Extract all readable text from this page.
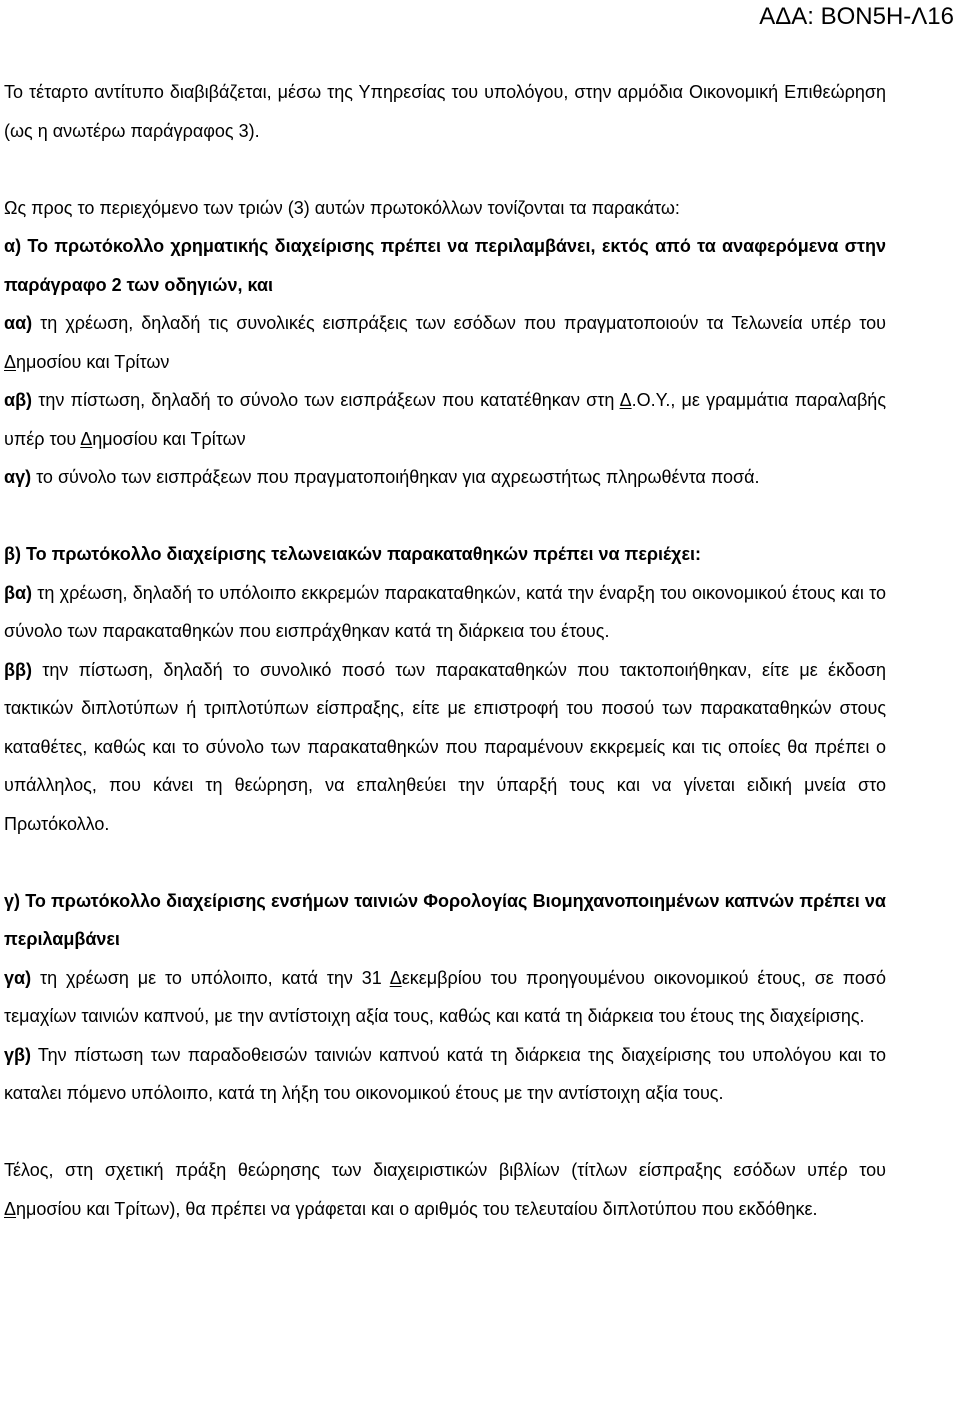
ΑΔΑ: ΒΟΝ5Η-Λ16

Το τέταρτο αντίτυπο διαβιβάζεται, μέσω της Υπηρεσίας του υπολόγου, στην αρμόδια Οικονομική Επιθεώρηση (ως η ανωτέρω παράγραφος 3).

Ως προς το περιεχόμενο των τριών (3) αυτών πρωτοκόλλων τονίζονται τα παρακάτω:

α) Το πρωτόκολλο χρηματικής διαχείρισης πρέπει να περιλαμβάνει, εκτός από τα αναφερόμενα στην παράγραφο 2 των οδηγιών, και

αα) τη χρέωση, δηλαδή τις συνολικές εισπράξεις των εσόδων που πραγματοποιούν τα Τελωνεία υπέρ του Δημοσίου και Τρίτων

αβ) την πίστωση, δηλαδή το σύνολο των εισπράξεων που κατατέθηκαν στη Δ.Ο.Υ., με γραμμάτια παραλαβής υπέρ του Δημοσίου και Τρίτων

αγ) το σύνολο των εισπράξεων που πραγματοποιήθηκαν για αχρεωστήτως πληρωθέντα ποσά.

β) Το πρωτόκολλο διαχείρισης τελωνειακών παρακαταθηκών πρέπει να περιέχει:

βα) τη χρέωση, δηλαδή το υπόλοιπο εκκρεμών παρακαταθηκών, κατά την έναρξη του οικονομικού έτους και το σύνολο των παρακαταθηκών που εισπράχθηκαν κατά τη διάρκεια του έτους.

ββ) την πίστωση, δηλαδή το συνολικό ποσό των παρακαταθηκών που τακτοποιήθηκαν, είτε με έκδοση τακτικών διπλοτύπων ή τριπλοτύπων είσπραξης, είτε με επιστροφή του ποσού των παρακαταθηκών στους καταθέτες, καθώς και το σύνολο των παρακαταθηκών που παραμένουν εκκρεμείς και τις οποίες θα πρέπει ο υπάλληλος, που κάνει τη θεώρηση, να επαληθεύει την ύπαρξή τους και να γίνεται ειδική μνεία στο Πρωτόκολλο.

γ) Το πρωτόκολλο διαχείρισης ενσήμων ταινιών Φορολογίας Βιομηχανοποιημένων καπνών πρέπει να περιλαμβάνει

γα) τη χρέωση με το υπόλοιπο, κατά την 31 Δεκεμβρίου του προηγουμένου οικονομικού έτους, σε ποσό τεμαχίων ταινιών καπνού, με την αντίστοιχη αξία τους, καθώς και κατά τη διάρκεια του έτους της διαχείρισης.

γβ) Την πίστωση των παραδοθεισών ταινιών καπνού κατά τη διάρκεια της διαχείρισης του υπολόγου και το καταλει πόμενο υπόλοιπο, κατά τη λήξη του οικονομικού έτους με την αντίστοιχη αξία τους.

Τέλος, στη σχετική πράξη θεώρησης των διαχειριστικών βιβλίων (τίτλων είσπραξης εσόδων υπέρ του Δημοσίου και Τρίτων), θα πρέπει να γράφεται και ο αριθμός του τελευταίου διπλοτύπου που εκδόθηκε.
